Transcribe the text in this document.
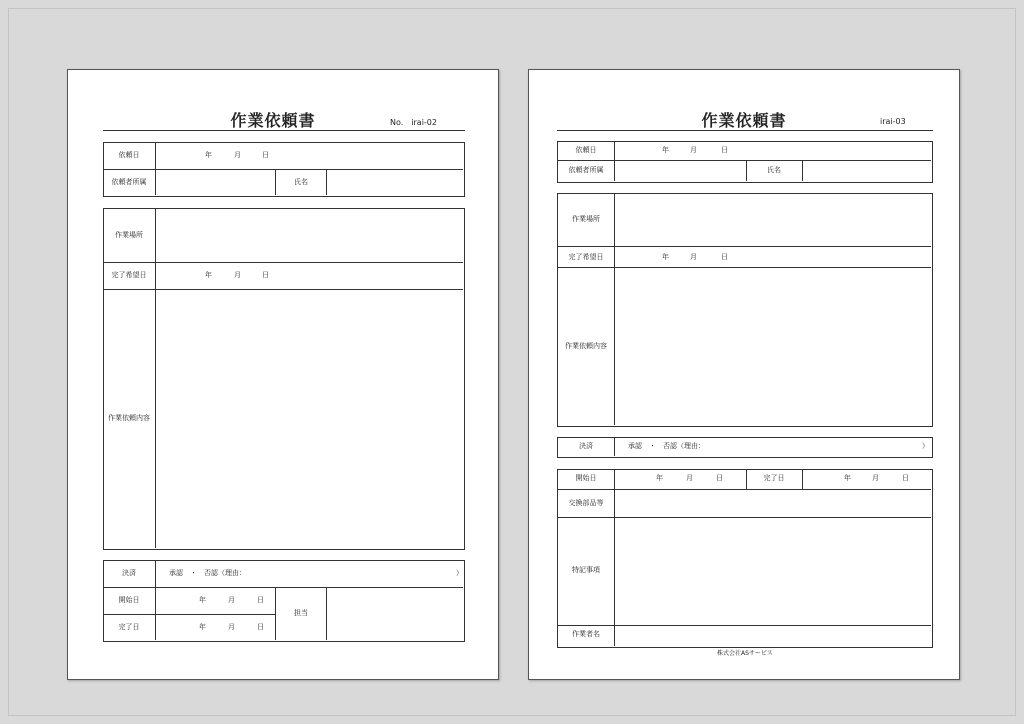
作業依頼書	No.　irai-02
依頼日	年	月	日
依頼者所属	氏名
作業場所
完了希望日	年	月	日
作業依頼内容
決済	承認　・　否認（理由：	）
開始日	年	月	日
完了日	年	月	日
担当
作業依頼書	irai-03
依頼日	年	月	日
依頼者所属	氏名
作業場所
完了希望日	年	月	日
作業依頼内容
決済	承認　・　否認（理由：	）
開始日	年	月	日	完了日	年	月	日
交換部品等
特記事項
作業者名
株式会社ASサービス
